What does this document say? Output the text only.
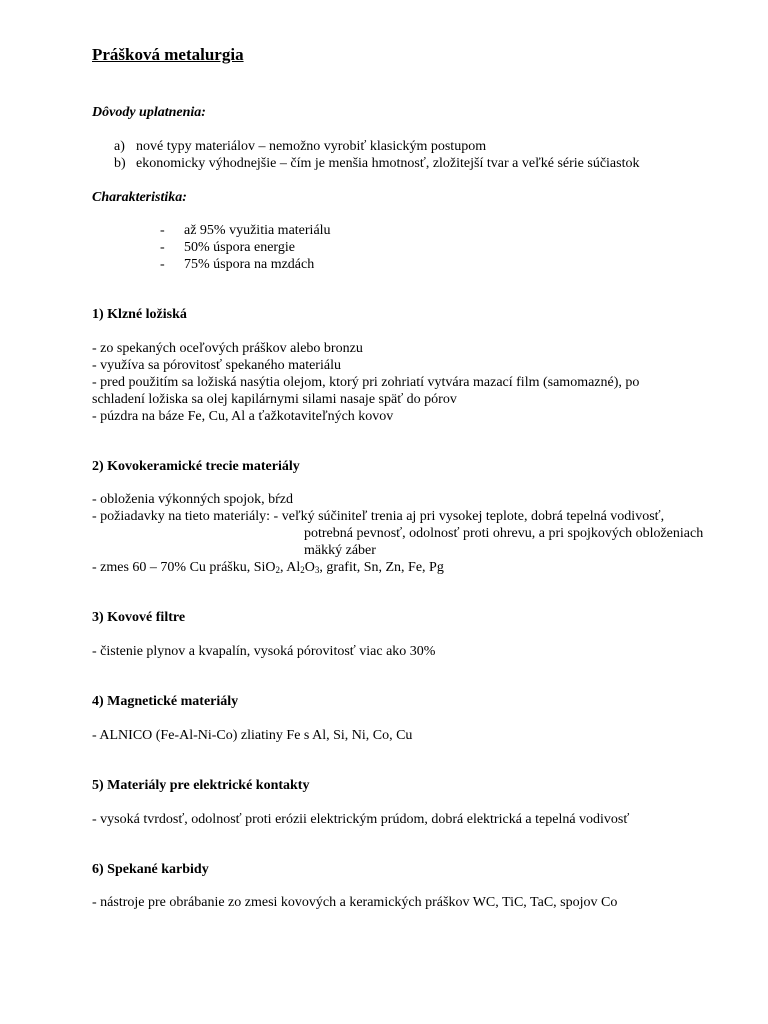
Prášková metalurgia
Dôvody uplatnenia:
a) nové typy materiálov – nemožno vyrobiť klasickým postupom
b) ekonomicky výhodnejšie – čím je menšia hmotnosť, zložitejší tvar a veľké série súčiastok
Charakteristika:
- až 95% využitia materiálu
- 50% úspora energie
- 75% úspora na mzdách
1) Klzné ložiská
- zo spekaných oceľových práškov alebo bronzu
- využíva sa pórovitosť spekaného materiálu
- pred použitím sa ložiská nasýtia olejom, ktorý pri zohriatí vytvára mazací film (samomazné), po
schladení ložiska sa olej kapilárnymi silami nasaje späť do pórov
- púzdra na báze Fe, Cu, Al a ťažkotaviteľných kovov
2) Kovokeramické trecie materiály
- obloženia výkonných spojok, bŕzd
- požiadavky na tieto materiály: - veľký súčiniteľ trenia aj pri vysokej teplote, dobrá tepelná vodivosť,
potrebná pevnosť, odolnosť proti ohrevu, a pri spojkových obloženiach
mäkký záber
- zmes 60 – 70% Cu prášku, SiO$_2$, $Al_2O_3$, grafit, Sn, Zn, Fe, Pg
3) Kovové filtre
- čistenie plynov a kvapalín, vysoká pórovitosť viac ako 30%
4) Magnetické materiály
- ALNICO (Fe-Al-Ni-Co) zliatiny Fe s Al, Si, Ni, Co, Cu
5) Materiály pre elektrické kontakty
- vysoká tvrdosť, odolnosť proti erózii elektrickým prúdom, dobrá elektrická a tepelná vodivosť
6) Spekané karbidy
- nástroje pre obrábanie zo zmesi kovových a keramických práškov WC, TiC, TaC, spojov Co
